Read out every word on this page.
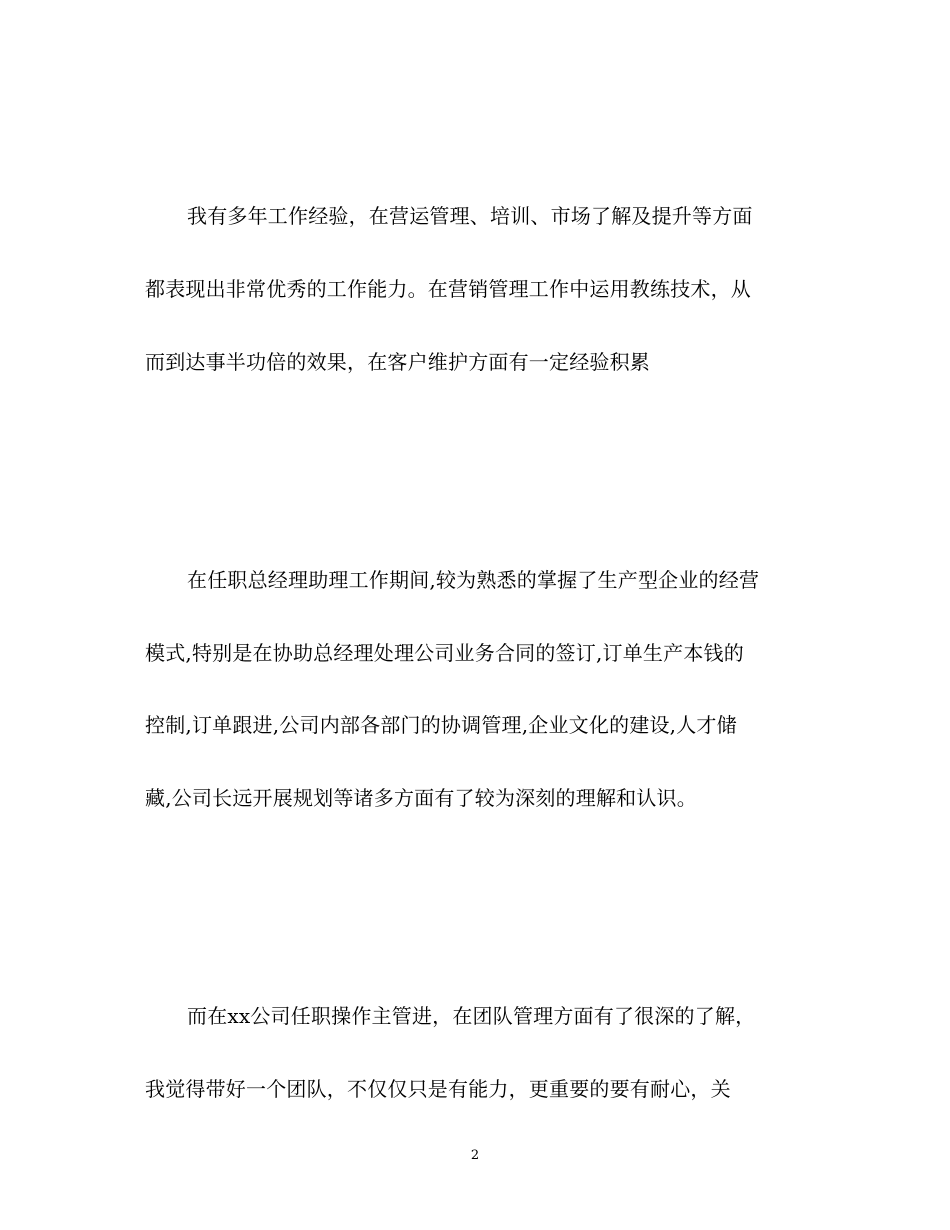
我有多年工作经验，在营运管理、培训、市场了解及提升等方面
都表现出非常优秀的工作能力。在营销管理工作中运用教练技术，从
而到达事半功倍的效果，在客户维护方面有一定经验积累
在任职总经理助理工作期间,较为熟悉的掌握了生产型企业的经营
模式,特别是在协助总经理处理公司业务合同的签订,订单生产本钱的
控制,订单跟进,公司内部各部门的协调管理,企业文化的建设,人才储
藏,公司长远开展规划等诸多方面有了较为深刻的理解和认识。
而在xx公司任职操作主管进，在团队管理方面有了很深的了解，
我觉得带好一个团队，不仅仅只是有能力，更重要的要有耐心，关
2
